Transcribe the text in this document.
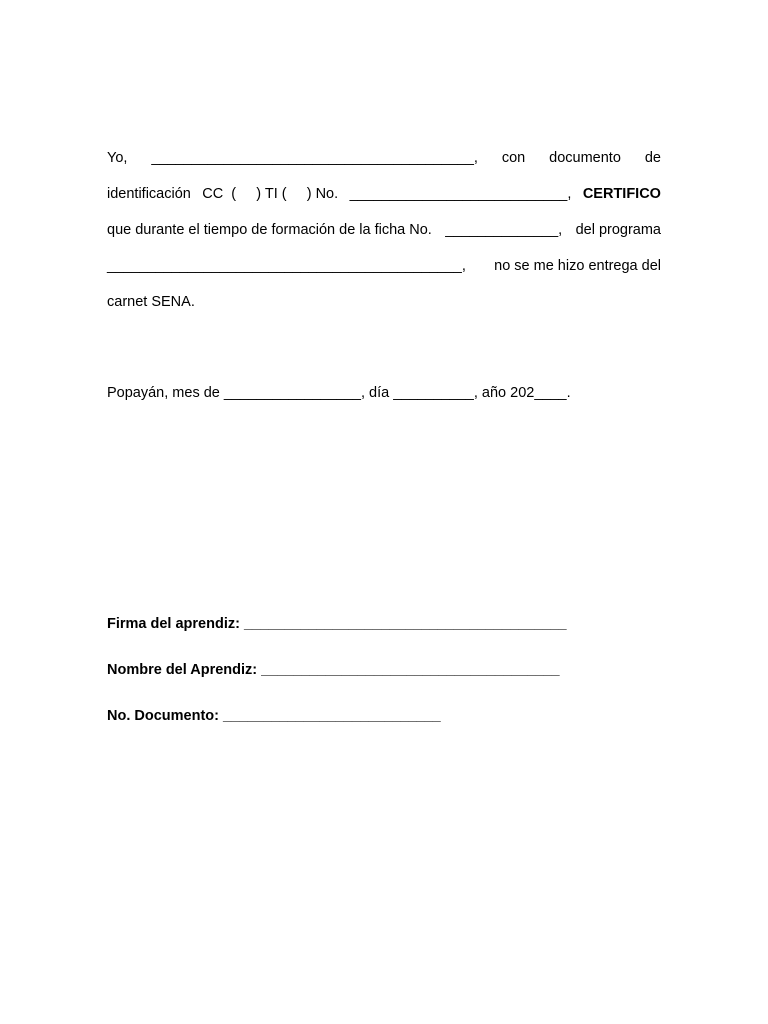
Yo, ________________________________________, con documento de
identificación CC  (     ) TI (     ) No. ___________________________, CERTIFICO
que durante el tiempo de formación de la ficha No. ______________, del programa
____________________________________________, no se me hizo entrega del
carnet SENA.
Popayán, mes de _________________, día __________, año 202____.
Firma del aprendiz: ________________________________________
Nombre del Aprendiz: _____________________________________
No. Documento: ___________________________
